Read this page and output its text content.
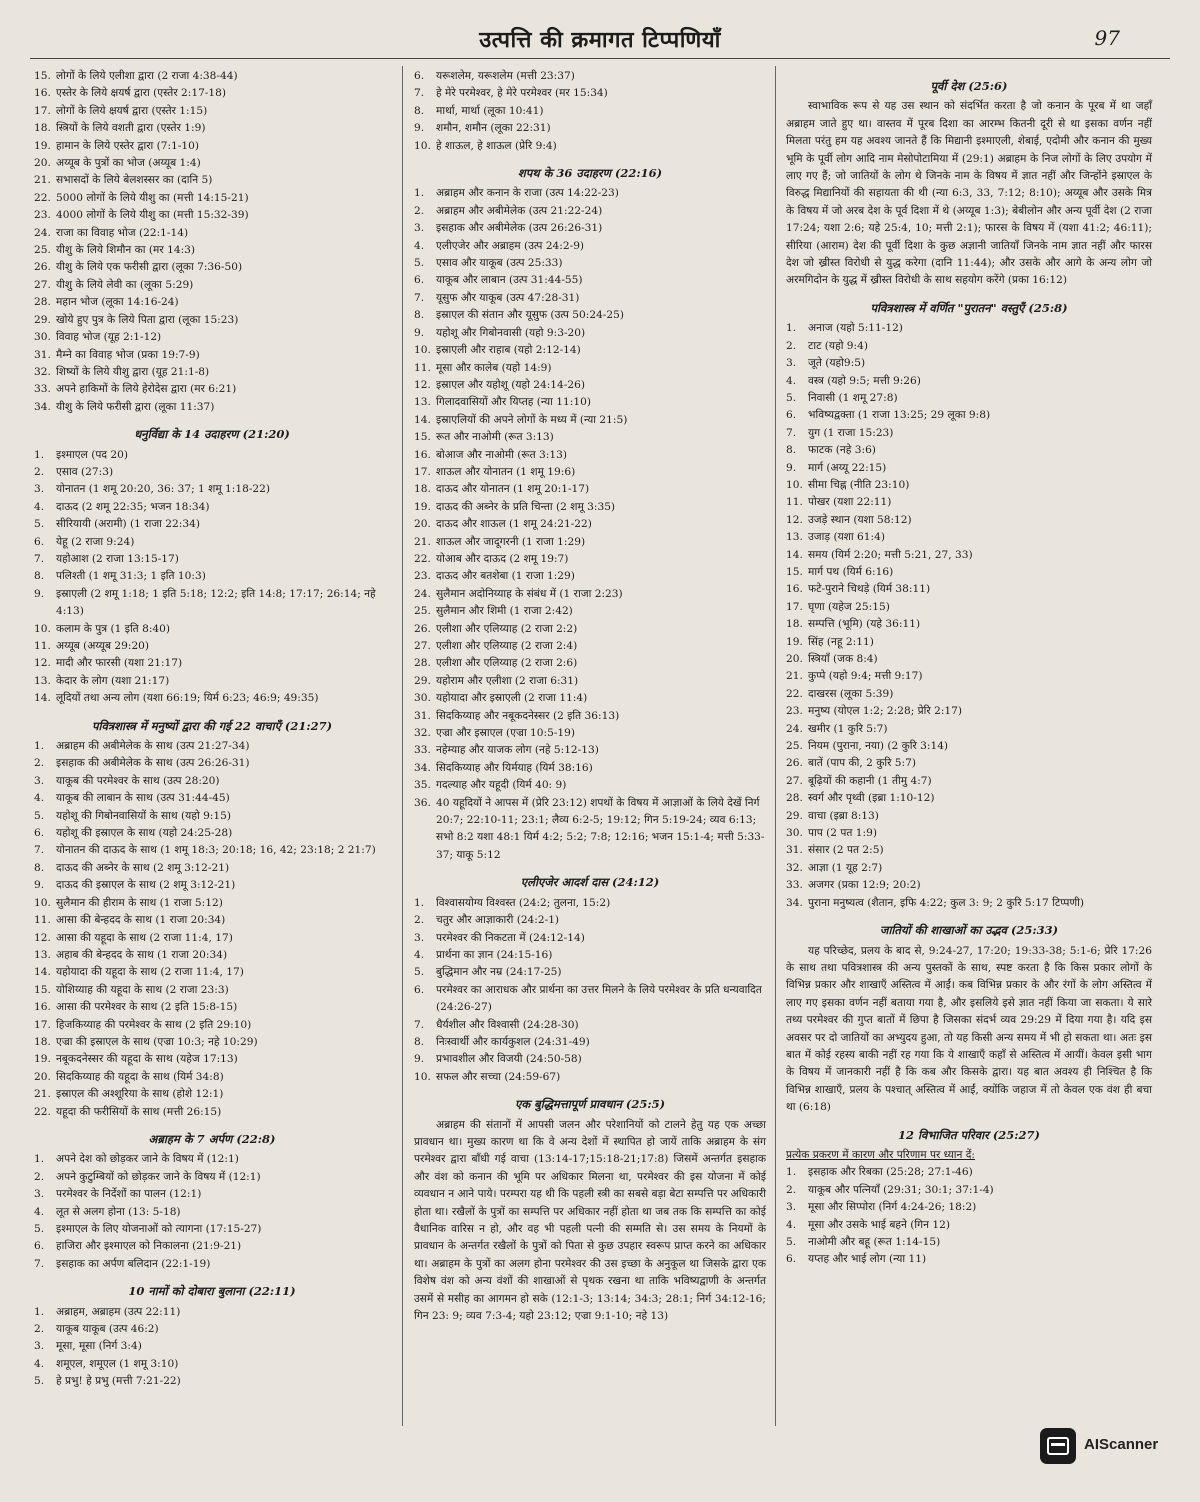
उत्पत्ति की क्रमागत टिप्पणियाँ	97
15. लोगों के लिये एलीशा द्वारा (2 राजा 4:38-44)
16. एस्तेर के लिये क्षयर्ष द्वारा (एस्तेर 2:17-18)
17. लोगों के लिये क्षयर्ष द्वारा (एस्तेर 1:15)
18. स्त्रियों के लिये वशती द्वारा (एस्तेर 1:9)
19. हामान के लिये एस्तेर द्वारा (7:1-10)
20. अय्यूब के पुत्रों का भोज (अय्यूब 1:4)
21. सभासदों के लिये बेलशस्सर का (दानि 5)
22. 5000 लोगों के लिये यीशु का (मत्ती 14:15-21)
23. 4000 लोगों के लिये यीशु का (मत्ती 15:32-39)
24. राजा का विवाह भोज (22:1-14)
25. यीशु के लिये शिमौन का (मर 14:3)
26. यीशु के लिये एक फरीसी द्वारा (लूका 7:36-50)
27. यीशु के लिये लेवी का (लूका 5:29)
28. महान भोज (लूका 14:16-24)
29. खोये हुए पुत्र के लिये पिता द्वारा (लूका 15:23)
30. विवाह भोज (यूह 2:1-12)
31. मैम्ने का विवाह भोज (प्रका 19:7-9)
32. शिष्यों के लिये यीशु द्वारा (यूह 21:1-8)
33. अपने हाकिमों के लिये हेरोदेस द्वारा (मर 6:21)
34. यीशु के लिये फरीसी द्वारा (लूका 11:37)
धनुर्विद्या के 14 उदाहरण (21:20)
1.	इश्माएल (पद 20)
2.	एसाव (27:3)
3.	योनातन (1 शमू 20:20, 36: 37; 1 शमू 1:18-22)
4.	दाऊद (2 शमू 22:35; भजन 18:34)
5.	सीरियायी (अरामी) (1 राजा 22:34)
6.	येहू (2 राजा 9:24)
7.	यहोआश (2 राजा 13:15-17)
8.	पलिश्ती (1 शमू 31:3; 1 इति 10:3)
9.	इस्राएली (2 शमू 1:18; 1 इति 5:18; 12:2; इति 14:8; 17:17; 26:14; नहे 4:13)
10. कलाम के पुत्र (1 इति 8:40)
11. अय्यूब (अय्यूब 29:20)
12. मादी और फारसी (यशा 21:17)
13. केदार के लोग (यशा 21:17)
14. लूदियों तथा अन्य लोग (यशा 66:19; यिर्म 6:23; 46:9; 49:35)
पवित्रशास्त्र में मनुष्यों द्वारा की गई 22 वाचाएँ (21:27)
1.	अब्राहम की अबीमेलेक के साथ (उत्प 21:27-34)
2.	इसहाक की अबीमेलेक के साथ (उत्प 26:26-31)
3.	याकूब की परमेश्वर के साथ (उत्प 28:20)
4.	याकूब की लाबान के साथ (उत्प 31:44-45)
5.	यहोशू की गिबोनवासियों के साथ (यहो 9:15)
6.	यहोशू की इस्राएल के साथ (यहो 24:25-28)
7.	योनातन की दाऊद के साथ (1 शमू 18:3; 20:18; 16, 42; 23:18; 2 21:7)
8.	दाऊद की अब्नेर के साथ (2 शमू 3:12-21)
9.	दाऊद की इस्राएल के साथ (2 शमू 3:12-21)
10. सुलैमान की हीराम के साथ (1 राजा 5:12)
11. आसा की बेन्हदद के साथ (1 राजा 20:34)
12. आसा की यहूदा के साथ (2 राजा 11:4, 17)
13. अहाब की बेन्हदद के साथ (1 राजा 20:34)
14. यहोयादा की यहूदा के साथ (2 राजा 11:4, 17)
15. योशिय्याह की यहूदा के साथ (2 राजा 23:3)
16. आसा की परमेश्वर के साथ (2 इति 15:8-15)
17. हिजकिय्याह की परमेश्वर के साथ (2 इति 29:10)
18. एज्रा की इस्राएल के साथ (एज्रा 10:3; नहे 10:29)
19. नबूकदनेस्सर की यहूदा के साथ (यहेज 17:13)
20. सिदकिय्याह की यहूदा के साथ (यिर्म 34:8)
21. इस्राएल की अश्शूरिया के साथ (होशे 12:1)
22. यहूदा की फरीसियों के साथ (मत्ती 26:15)
अब्राहम के 7 अर्पण (22:8)
1.	अपने देश को छोड़कर जाने के विषय में (12:1)
2.	अपने कुटुम्बियों को छोड़कर जाने के विषय में (12:1)
3.	परमेश्वर के निर्देशों का पालन (12:1)
4.	लूत से अलग होना (13: 5-18)
5.	इश्माएल के लिए योजनाओं को त्यागना (17:15-27)
6.	हाजिरा और इश्माएल को निकालना (21:9-21)
7.	इसहाक का अर्पण बलिदान (22:1-19)
10 नामों को दोबारा बुलाना (22:11)
1.	अब्राहम, अब्राहम (उत्प 22:11)
2.	याकूब याकूब (उत्प 46:2)
3.	मूसा, मूसा (निर्ग 3:4)
4.	शमूएल, शमूएल (1 शमू 3:10)
5.	हे प्रभु! हे प्रभु (मत्ती 7:21-22)
6.	यरूशलेम, यरूशलेम (मत्ती 23:37)
7.	हे मेरे परमेश्वर, हे मेरे परमेश्वर (मर 15:34)
8.	मार्था, मार्था (लूका 10:41)
9.	शमौन, शमौन (लूका 22:31)
10. हे शाऊल, हे शाऊल (प्रेरि 9:4)
शपथ के 36 उदाहरण (22:16)
1.	अब्राहम और कनान के राजा (उत्प 14:22-23)
2.	अब्राहम और अबीमेलेक (उत्प 21:22-24)
3.	इसहाक और अबीमेलेक (उत्प 26:26-31)
4.	एलीएजेर और अब्राहम (उत्प 24:2-9)
5.	एसाव और याकूब (उत्प 25:33)
6.	याकूब और लाबान (उत्प 31:44-55)
7.	यूसुफ और याकूब (उत्प 47:28-31)
8.	इस्राएल की संतान और यूसुफ (उत्प 50:24-25)
9.	यहोशू और गिबोनवासी (यहो 9:3-20)
10. इस्राएली और राहाब (यहो 2:12-14)
11. मूसा और कालेब (यहो 14:9)
12. इस्राएल और यहोशू (यहो 24:14-26)
13. गिलादवासियों और यिप्तह (न्या 11:10)
14. इस्राएलियों की अपने लोगों के मध्य में (न्या 21:5)
15. रूत और नाओमी (रूत 3:13)
16. बोआज और नाओमी (रूत 3:13)
17. शाऊल और योनातन (1 शमू 19:6)
18. दाऊद और योनातन (1 शमू 20:1-17)
19. दाऊद की अब्नेर के प्रति चिन्ता (2 शमू 3:35)
20. दाऊद और शाऊल (1 शमू 24:21-22)
21. शाऊल और जादूगरनी (1 राजा 1:29)
22. योआब और दाऊद (2 शमू 19:7)
23. दाऊद और बतशेबा (1 राजा 1:29)
24. सुलैमान अदोनिय्याह के संबंध में (1 राजा 2:23)
25. सुलैमान और शिमी (1 राजा 2:42)
26. एलीशा और एलिय्याह (2 राजा 2:2)
27. एलीशा और एलिय्याह (2 राजा 2:4)
28. एलीशा और एलिय्याह (2 राजा 2:6)
29. यहोराम और एलीशा (2 राजा 6:31)
30. यहोयादा और इस्राएली (2 राजा 11:4)
31. सिदकिय्याह और नबूकदनेस्सर (2 इति 36:13)
32. एज्रा और इस्राएल (एज्रा 10:5-19)
33. नहेम्याह और याजक लोग (नहे 5:12-13)
34. सिदकिय्याह और यिर्मयाह (यिर्म 38:16)
35. गदल्याह और यहूदी (यिर्म 40: 9)
36. 40 यहूदियों ने आपस में (प्रेरि 23:12) शपथों के विषय में आज्ञाओं के लिये देखें निर्ग 20:7; 22:10-11; 23:1; लैव्य 6:2-5; 19:12; गिन 5:19-24; व्यव 6:13; सभो 8:2 यशा 48:1 यिर्म 4:2; 5:2; 7:8; 12:16; भजन 15:1-4; मत्ती 5:33-37; याकू 5:12
एलीएजेर आदर्श दास (24:12)
1.	विश्वासयोग्य विश्वस्त (24:2; तुलना, 15:2)
2.	चतुर और आज्ञाकारी (24:2-1)
3.	परमेश्वर की निकटता में (24:12-14)
4.	प्रार्थना का ज्ञान (24:15-16)
5.	बुद्धिमान और नम्र (24:17-25)
6.	परमेश्वर का आराधक और प्रार्थना का उत्तर मिलने के लिये परमेश्वर के प्रति धन्यवादित (24:26-27)
7.	धैर्यशील और विश्वासी (24:28-30)
8.	निःस्वार्थी और कार्यकुशल (24:31-49)
9.	प्रभावशील और विजयी (24:50-58)
10. सफल और सच्चा (24:59-67)
एक बुद्धिमत्तापूर्ण प्रावधान (25:5)

अब्राहम की संतानों में आपसी जलन और परेशानियों को टालने हेतु यह एक अच्छा प्रावधान था। मुख्य कारण था कि वे अन्य देशों में स्थापित हो जायें ताकि अब्राहम के संग परमेश्वर द्वारा बाँधी गई वाचा (13:14-17;15:18-21;17:8) जिसमें अन्तर्गत इसहाक और वंश को कनान की भूमि पर अधिकार मिलना था, परमेश्वर की इस योजना में कोई व्यवधान न आने पाये। परम्परा यह थी कि पहली स्त्री का सबसे बड़ा बेटा सम्पत्ति पर अधिकारी होता था। रखैलों के पुत्रों का सम्पत्ति पर अधिकार नहीं होता था जब तक कि सम्पत्ति का कोई वैधानिक वारिस न हो, और वह भी पहली पत्नी की सम्मति से। उस समय के नियमों के प्रावधान के अन्तर्गत रखैलों के पुत्रों को पिता से कुछ उपहार स्वरूप प्राप्त करने का अधिकार था। अब्राहम के पुत्रों का अलग होना परमेश्वर की उस इच्छा के अनुकूल था जिसके द्वारा एक विशेष वंश को अन्य वंशों की शाखाओं से पृथक रखना था ताकि भविष्यद्वाणी के अन्तर्गत उसमें से मसीह का आगमन हो सके (12:1-3; 13:14; 34:3; 28:1; निर्ग 34:12-16; गिन 23: 9; व्यव 7:3-4; यहो 23:12; एज्रा 9:1-10; नहे 13)

पूर्वी देश (25:6)

स्वाभाविक रूप से यह उस स्थान को संदर्भित करता है जो कनान के पूरब में था जहाँ अब्राहम जाते हुए था। वास्तव में पूरब दिशा का आरम्भ कितनी दूरी से था इसका वर्णन नहीं मिलता परंतु हम यह अवश्य जानते हैं कि मिद्यानी इश्माएली, शेबाई, एदोमी और कनान की मुख्य भूमि के पूर्वी लोग आदि नाम मेसोपोटामिया में (29:1) अब्राहम के निज लोगों के लिए उपयोग में लाए गए हैं; जो जातियों के लोग थे जिनके नाम के विषय में ज्ञात नहीं और जिन्होंने इस्राएल के विरुद्ध मिद्यानियों की सहायता की थी (न्या 6:3, 33, 7:12; 8:10); अय्यूब और उसके मित्र के विषय में जो अरब देश के पूर्व दिशा में थे (अय्यूब 1:3); बेबीलोन और अन्य पूर्वी देश (2 राजा 17:24; यशा 2:6; यहे 25:4, 10; मत्ती 2:1); फारस के विषय में (यशा 41:2; 46:11); सीरिया (आराम) देश की पूर्वी दिशा के कुछ अज्ञानी जातियाँ जिनके नाम ज्ञात नहीं और फारस देश जो ख्रीस्त विरोधी से युद्ध करेगा (दानि 11:44); और उसके और आगे के अन्य लोग जो अरमगिदोन के युद्ध में ख्रीस्त विरोधी के साथ सहयोग करेंगे (प्रका 16:12)

पवित्रशास्त्र में वर्णित "पुरातन" वस्तुएँ (25:8)
1.	अनाज (यहो 5:11-12)
2.	टाट (यहो 9:4)
3.	जूते (यहो9:5)
4.	वस्त्र (यहो 9:5; मत्ती 9:26)
5.	निवासी (1 शमू 27:8)
6.	भविष्यद्वक्ता (1 राजा 13:25; 29 लूका 9:8)
7.	युग (1 राजा 15:23)
8.	फाटक (नहे 3:6)
9.	मार्ग (अय्यू 22:15)
10. सीमा चिह्न (नीति 23:10)
11. पोखर (यशा 22:11)
12. उजड़े स्थान (यशा 58:12)
13. उजाड़ (यशा 61:4)
14. समय (यिर्म 2:20; मत्ती 5:21, 27, 33)
15. मार्ग पथ (यिर्म 6:16)
16. फटे-पुराने चिथड़े (यिर्म 38:11)
17. घृणा (यहेज 25:15)
18. सम्पत्ति (भूमि) (यहे 36:11)
19. सिंह (नहू 2:11)
20. स्त्रियाँ (जक 8:4)
21. कुप्पे (यहो 9:4; मत्ती 9:17)
22. दाखरस (लूका 5:39)
23. मनुष्य (योएल 1:2; 2:28; प्रेरि 2:17)
24. खमीर (1 कुरि 5:7)
25. नियम (पुराना, नया) (2 कुरि 3:14)
26. बातें (पाप की, 2 कुरि 5:7)
27. बूढ़ियों की कहानी (1 तीमु 4:7)
28. स्वर्ग और पृथ्वी (इब्रा 1:10-12)
29. वाचा (इब्रा 8:13)
30. पाप (2 पत 1:9)
31. संसार (2 पत 2:5)
32. आज्ञा (1 यूह 2:7)
33. अजगर (प्रका 12:9; 20:2)
34. पुराना मनुष्यत्व (शैतान, इफि 4:22; कुल 3: 9; 2 कुरि 5:17 टिप्पणी)
जातियों की शाखाओं का उद्भव (25:33)

यह परिच्छेद, प्रलय के बाद से, 9:24-27, 17:20; 19:33-38; 5:1-6; प्रेरि 17:26 के साथ तथा पवित्रशास्त्र की अन्य पुस्तकों के साथ, स्पष्ट करता है कि किस प्रकार लोगों के विभिन्न प्रकार और शाखाएँ अस्तित्व में आईं। कब विभिन्न प्रकार के और रंगों के लोग अस्तित्व में लाए गए इसका वर्णन नहीं बताया गया है, और इसलिये इसे ज्ञात नहीं किया जा सकता। ये सारे तथ्य परमेश्वर की गुप्त बातों में छिपा है जिसका संदर्भ व्यव 29:29 में दिया गया है। यदि इस अवसर पर दो जातियों का अभ्युदय हुआ, तो यह किसी अन्य समय में भी हो सकता था। अतः इस बात में कोई रहस्य बाकी नहीं रह गया कि ये शाखाएँ कहाँ से अस्तित्व में आयीं। केवल इसी भाग के विषय में जानकारी नहीं है कि कब और किसके द्वारा। यह बात अवश्य ही निश्चित है कि विभिन्न शाखाएँ, प्रलय के पश्चात् अस्तित्व में आईं, क्योंकि जहाज में तो केवल एक वंश ही बचा था (6:18)

12 विभाजित परिवार (25:27)

प्रत्येक प्रकरण में कारण और परिणाम पर ध्यान दें:

1.	इसहाक और रिबका (25:28; 27:1-46)
2.	याकूब और पत्नियाँ (29:31; 30:1; 37:1-4)
3.	मूसा और सिप्पोरा (निर्ग 4:24-26; 18:2)
4.	मूसा और उसके भाई बहने (गिन 12)
5.	नाओमी और बहू (रूत 1:14-15)
6.	यप्तह और भाई लोग (न्या 11)
AIScanner
